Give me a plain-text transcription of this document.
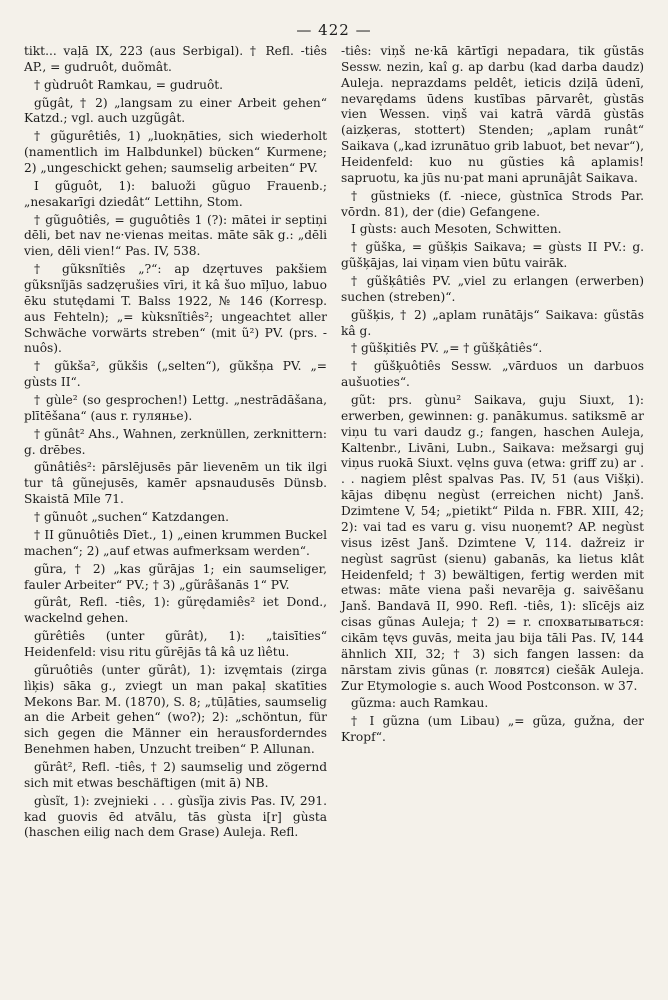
— 422 —

tikt... vaļā IX, 223 (aus Serbigal). † Refl. -tiês AP., = gudruôt, duõmât.

† gùdruôt Ramkau, = gudruôt.

gũgât, † 2) „langsam zu einer Arbeit gehen“ Katzd.; vgl. auch uzgũgât.

† gũgurêtiês, 1) „luokņāties, sich wiederholt (namentlich im Halbdunkel) bücken“ Kurmene; 2) „ungeschickt gehen; saumselig arbeiten“ PV.

I gũguôt, 1): baluoži gũguo Frauenb.; „nesakarīgi dziedât“ Lettihn, Stom.

† gũguôtiês, = guguôtiês 1 (?): mātei ir septiņi dēli, bet nav ne·vienas meitas. māte sāk g.: „dēli vien, dēli vien!“ Pas. IV, 538.

† gũksnĩtiês „?“: ap dzęrtuves pakšiem gũksnĩjās sadzęrušies vīri, it kâ šuo mīļuo, labuo ēku stutędami T. Balss 1922, № 146 (Korresp. aus Fehteln); „= kùksnĩtiês²; ungeachtet aller Schwäche vorwärts streben“ (mit ũ²) PV. (prs. -nuôs).

† gũkša², gũkšis („selten“), gũkšņa PV. „= gùsts II“.

† gùle² (so gesprochen!) Lettg. „nestrādāšana, plītēšana“ (aus r. гулянье).

† gũnât² Ahs., Wahnen, zerknüllen, zerknittern: g. drēbes.

gũnâtiês²: pārslējusēs pār lievenēm un tik ilgi tur tâ gũnejusēs, kamēr apsnaudusēs Dünsb. Skaistā Mīle 71.

† gũnuôt „suchen“ Katzdangen.

† II gũnuôtiês Dīet., 1) „einen krummen Buckel machen“; 2) „auf etwas aufmerksam werden“.

gũra, † 2) „kas gũrājas 1; ein saumseliger, fauler Arbeiter“ PV.; † 3) „gũrâšanās 1“ PV.

gũrât, Refl. -tiês, 1): gũrędamiês² iet Dond., wackelnd gehen.

gũrêtiês (unter gũrât), 1): „taisīties“ Heidenfeld: visu ritu gũrējās tâ kâ uz lìêtu.

gũruôtiês (unter gũrât), 1): izvęmtais (zirga lìķis) sāka g., zviegt un man pakaļ skatīties Mekons Bar. M. (1870), S. 8; „tūļāties, saumselig an die Arbeit gehen“ (wo?); 2): „schöntun, für sich gegen die Männer ein herausforderndes Benehmen haben, Unzucht treiben“ P. Allunan.

gũrât², Refl. -tiês, † 2) saumselig und zögernd sich mit etwas beschäftigen (mit ā) NB.

gùsĩt, 1): zvejnieki . . . gùsĩja zivis Pas. IV, 291. kad guovis ēd atvālu, tās gùsta i[r] gùsta (haschen eilig nach dem Grase) Auleja. Refl.

-tiês: viņš ne·kā kārtīgi nepadara, tik gũstās Sessw. nezin, kaî g. ap darbu (kad darba daudz) Auleja. neprazdams peldêt, ieticis dziļā ūdenī, nevarędams ūdens kustības pārvarêt, gùstās vien Wessen. viņš vai katrā vārdā gùstās (aizķeras, stottert) Stenden; „aplam runât“ Saikava („kad izrunātuo grib labuot, bet nevar“), Heidenfeld: kuo nu gũsties kâ aplamis! sapruotu, ka jūs nu·pat mani aprunājât Saikava.

† gũstnieks (f. -niece, gùstnīca Strods Par. vōrdn. 81), der (die) Gefangene.

I gùsts: auch Mesoten, Schwitten.

† gũška, = gũšķis Saikava; = gùsts II PV.: g. gũšķājas, lai viņam vien būtu vairāk.

† gũšķâtiês PV. „viel zu erlangen (erwerben) suchen (streben)“.

gũšķis, † 2) „aplam runātājs“ Saikava: gũstās kâ g.

† gũšķitiês PV. „= † gũšķâtiês“.

† gũšķuôtiês Sessw. „vārduos un darbuos aušuoties“.

gũt: prs. gùnu² Saikava, guju Siuxt, 1): erwerben, gewinnen: g. panākumus. satiksmē ar viņu tu vari daudz g.; fangen, haschen Auleja, Kaltenbr., Livāni, Lubn., Saikava: mežsargi guj viņus ruokā Siuxt. vęlns guva (etwa: griff zu) ar . . . nagiem plêst spalvas Pas. IV, 51 (aus Višķi). kājas dibęnu negùst (erreichen nicht) Janš. Dzimtene V, 54; „pietikt“ Pilda n. FBR. XIII, 42; 2): vai tad es varu g. visu nuoņemt? AP. negùst visus izēst Janš. Dzimtene V, 114. dažreiz ir negùst sagrūst (sienu) gabanās, ka lietus klât Heidenfeld; † 3) bewältigen, fertig werden mit etwas: māte viena paši nevarēja g. saivēšanu Janš. Bandavā II, 990. Refl. -tiês, 1): slīcējs aiz cisas gũnas Auleja; † 2) = r. спохватываться: cikām tęvs guvās, meita jau bija tāli Pas. IV, 144 ähnlich XII, 32; † 3) sich fangen lassen: da nārstam zivis gũnas (r. ловятся) ciešāk Auleja. Zur Etymologie s. auch Wood Postconson. w 37.

gũzma: auch Ramkau.

† I gũzna (um Libau) „= gũza, gužna, der Kropf“.
